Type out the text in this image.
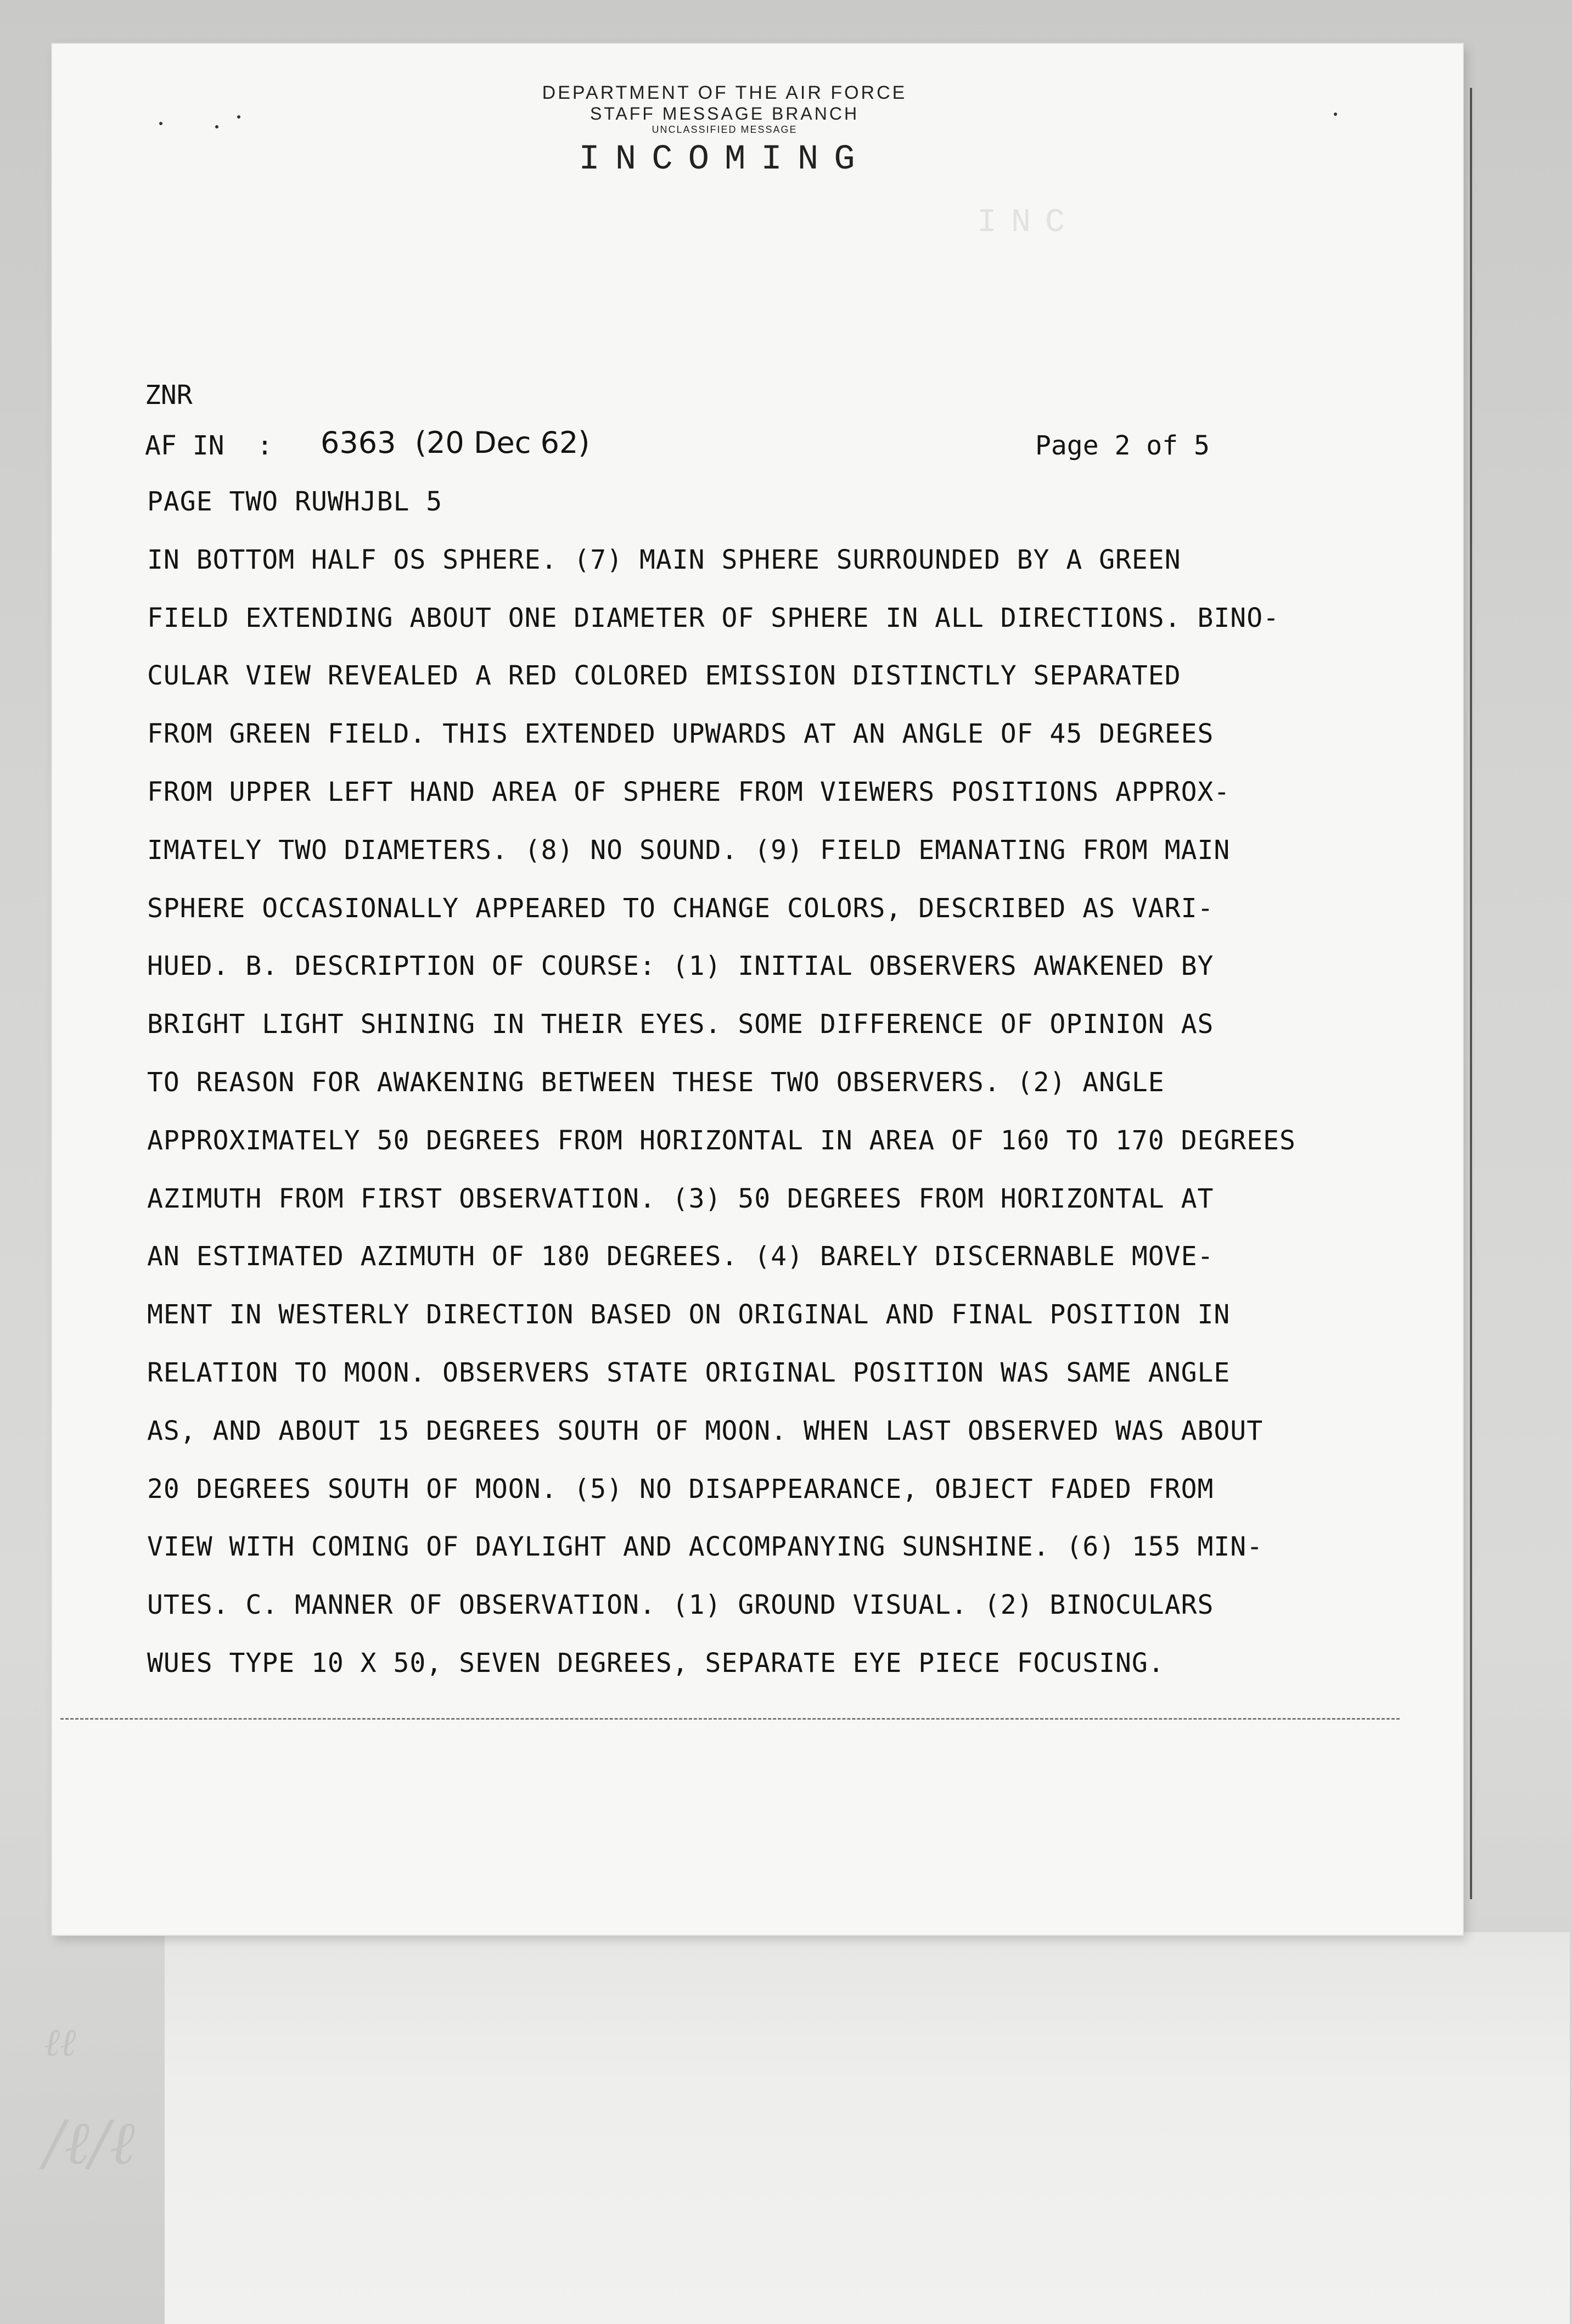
DEPARTMENT OF THE AIR FORCE
STAFF MESSAGE BRANCH
UNCLASSIFIED MESSAGE
INCOMING
ZNR
AF IN : 6363 (20 Dec 62)	Page 2 of 5
INC
PAGE TWO RUWHJBL 5
IN BOTTOM HALF OS SPHERE. (7) MAIN SPHERE SURROUNDED BY A GREEN
FIELD EXTENDING ABOUT ONE DIAMETER OF SPHERE IN ALL DIRECTIONS. BINO-
CULAR VIEW REVEALED A RED COLORED EMISSION DISTINCTLY SEPARATED
FROM GREEN FIELD. THIS EXTENDED UPWARDS AT AN ANGLE OF 45 DEGREES
FROM UPPER LEFT HAND AREA OF SPHERE FROM VIEWERS POSITIONS APPROX-
IMATELY TWO DIAMETERS. (8) NO SOUND. (9) FIELD EMANATING FROM MAIN
SPHERE OCCASIONALLY APPEARED TO CHANGE COLORS, DESCRIBED AS VARI-
HUED. B. DESCRIPTION OF COURSE: (1) INITIAL OBSERVERS AWAKENED BY
BRIGHT LIGHT SHINING IN THEIR EYES. SOME DIFFERENCE OF OPINION AS
TO REASON FOR AWAKENING BETWEEN THESE TWO OBSERVERS. (2) ANGLE
APPROXIMATELY 50 DEGREES FROM HORIZONTAL IN AREA OF 160 TO 170 DEGREES
AZIMUTH FROM FIRST OBSERVATION. (3) 50 DEGREES FROM HORIZONTAL AT
AN ESTIMATED AZIMUTH OF 180 DEGREES. (4) BARELY DISCERNABLE MOVE-
MENT IN WESTERLY DIRECTION BASED ON ORIGINAL AND FINAL POSITION IN
RELATION TO MOON. OBSERVERS STATE ORIGINAL POSITION WAS SAME ANGLE
AS, AND ABOUT 15 DEGREES SOUTH OF MOON. WHEN LAST OBSERVED WAS ABOUT
20 DEGREES SOUTH OF MOON. (5) NO DISAPPEARANCE, OBJECT FADED FROM
VIEW WITH COMING OF DAYLIGHT AND ACCOMPANYING SUNSHINE. (6) 155 MIN-
UTES. C. MANNER OF OBSERVATION. (1) GROUND VISUAL. (2) BINOCULARS
WUES TYPE 10 X 50, SEVEN DEGREES, SEPARATE EYE PIECE FOCUSING.
ℓℓ
/ℓ/ℓ
